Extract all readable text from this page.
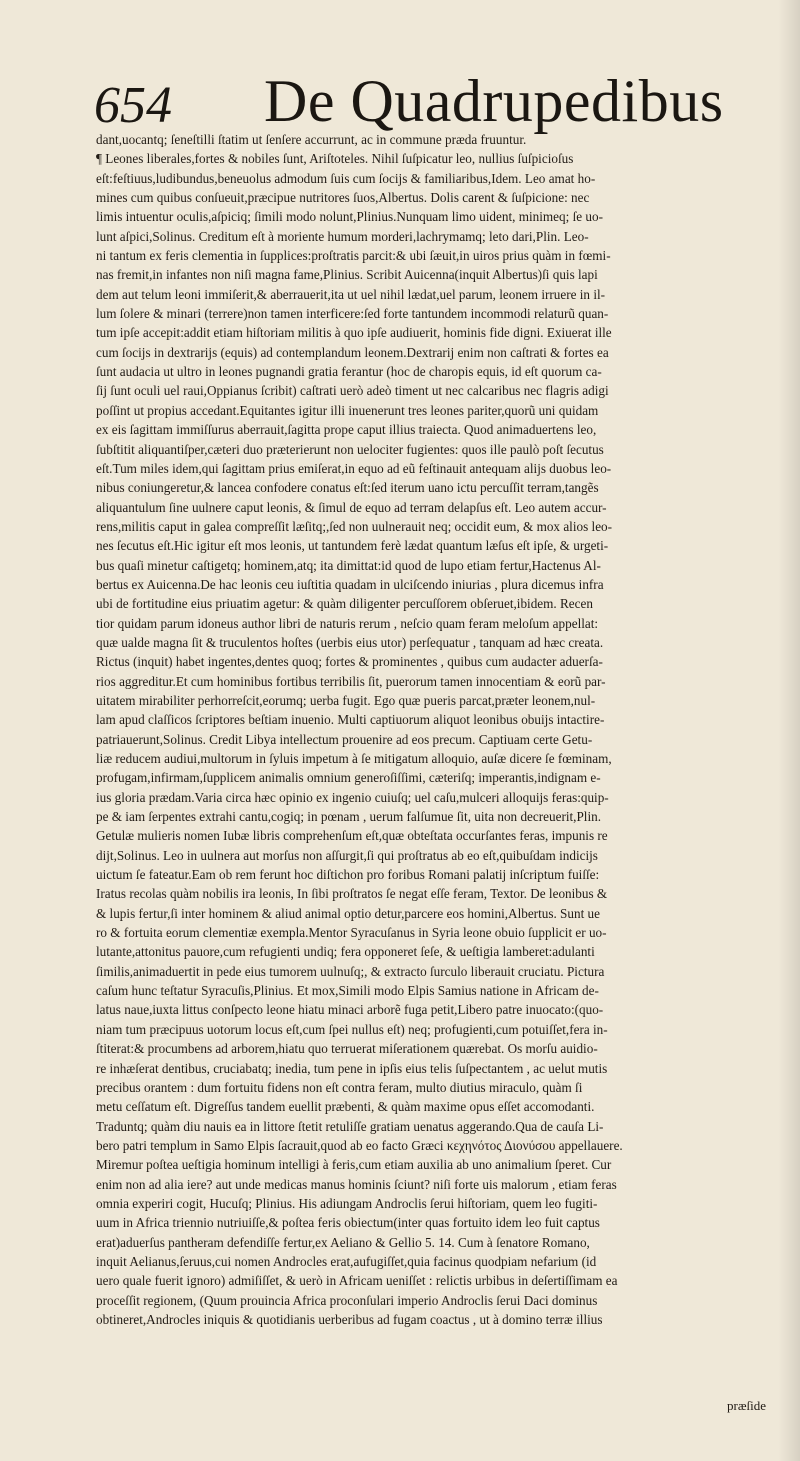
654 De Quadrupedibus
dant,uocantq; ſeneſtilli ſtatim ut ſenſere accurrunt, ac in commune præda fruuntur.
¶ Leones liberales,fortes & nobiles ſunt, Ariſtoteles. Nihil ſuſpicatur leo, nullius ſuſpicioſus
eſt:feſtiuus,ludibundus,beneuolus admodum ſuis cum ſocijs & familiaribus,Idem. Leo amat ho-
mines cum quibus conſueuit,præcipue nutritores ſuos,Albertus. Dolis carent & ſuſpicione: nec
limis intuentur oculis,aſpiciq; ſimili modo nolunt,Plinius.Nunquam limo uident, minimeq; ſe uo-
lunt aſpici,Solinus. Creditum eſt à moriente humum morderi,lachrymamq; leto dari,Plin. Leo-
ni tantum ex feris clementia in ſupplices:proſtratis parcit:& ubi ſæuit,in uiros prius quàm in fœmi-
nas fremit,in infantes non niſi magna fame,Plinius. Scribit Auicenna(inquit Albertus)ſi quis lapi
dem aut telum leoni immiſerit,& aberrauerit,ita ut uel nihil lædat,uel parum, leonem irruere in il-
lum ſolere & minari (terrere)non tamen interficere:ſed forte tantundem incommodi relaturũ quan-
tum ipſe accepit:addit etiam hiſtoriam militis à quo ipſe audiuerit, hominis fide digni. Exiuerat ille
cum ſocijs in dextrarijs (equis) ad contemplandum leonem.Dextrarij enim non caſtrati & fortes ea
ſunt audacia ut ultro in leones pugnandi gratia ferantur (hoc de charopis equis, id eſt quorum ca-
ſij ſunt oculi uel raui,Oppianus ſcribit) caſtrati uerò adeò timent ut nec calcaribus nec flagris adigi
poſſint ut propius accedant.Equitantes igitur illi inuenerunt tres leones pariter,quorũ uni quidam
ex eis ſagittam immiſſurus aberrauit,ſagitta prope caput illius traiecta. Quod animaduertens leo,
ſubſtitit aliquantiſper,cæteri duo præterierunt non uelociter fugientes: quos ille paulò poſt ſecutus
eſt.Tum miles idem,qui ſagittam prius emiſerat,in equo ad eũ feſtinauit antequam alijs duobus leo-
nibus coniungeretur,& lancea confodere conatus eſt:ſed iterum uano ictu percuſſit terram,tangẽs
aliquantulum ſine uulnere caput leonis, & ſimul de equo ad terram delapſus eſt. Leo autem accur-
rens,militis caput in galea compreſſit læſitq;,ſed non uulnerauit neq; occidit eum, & mox alios leo-
nes ſecutus eſt.Hic igitur eſt mos leonis, ut tantundem ferè lædat quantum læſus eſt ipſe, & urgeti-
bus quaſi minetur caſtigetq; hominem,atq; ita dimittat:id quod de lupo etiam fertur,Hactenus Al-
bertus ex Auicenna.De hac leonis ceu iuſtitia quadam in ulciſcendo iniurias , plura dicemus infra
ubi de fortitudine eius priuatim agetur: & quàm diligenter percuſſorem obſeruet,ibidem. Recen
tior quidam parum idoneus author libri de naturis rerum , neſcio quam feram meloſum appellat:
quæ ualde magna ſit & truculentos hoſtes (uerbis eius utor) perſequatur , tanquam ad hæc creata.
Rictus (inquit) habet ingentes,dentes quoq; fortes & prominentes , quibus cum audacter aduerſa-
rios aggreditur.Et cum hominibus fortibus terribilis ſit, puerorum tamen innocentiam & eorũ par-
uitatem mirabiliter perhorreſcit,eorumq; uerba fugit. Ego quæ pueris parcat,præter leonem,nul-
lam apud claſſicos ſcriptores beſtiam inuenio. Multi captiuorum aliquot leonibus obuijs intactire-
patriauerunt,Solinus. Credit Libya intellectum prouenire ad eos precum. Captiuam certe Getu-
liæ reducem audiui,multorum in ſyluis impetum à ſe mitigatum alloquio, auſæ dicere ſe fœminam,
profugam,infirmam,ſupplicem animalis omnium generoſiſſimi, cæteriſq; imperantis,indignam e-
ius gloria prædam.Varia circa hæc opinio ex ingenio cuiuſq; uel caſu,mulceri alloquijs feras:quip-
pe & iam ſerpentes extrahi cantu,cogiq; in pœnam , uerum falſumue ſit, uita non decreuerit,Plin.
Getulæ mulieris nomen Iubæ libris comprehenſum eſt,quæ obteſtata occurſantes feras, impunis re
dijt,Solinus. Leo in uulnera aut morſus non aſſurgit,ſi qui proſtratus ab eo eſt,quibuſdam indicijs
uictum ſe fateatur.Eam ob rem ferunt hoc diſtichon pro foribus Romani palatij inſcriptum fuiſſe:
Iratus recolas quàm nobilis ira leonis, In ſibi proſtratos ſe negat eſſe feram, Textor. De leonibus &
& lupis fertur,ſi inter hominem & aliud animal optio detur,parcere eos homini,Albertus. Sunt ue
ro & fortuita eorum clementiæ exempla.Mentor Syracuſanus in Syria leone obuio ſupplicit er uo-
lutante,attonitus pauore,cum refugienti undiq; fera opponeret ſeſe, & ueſtigia lamberet:adulanti
ſimilis,animaduertit in pede eius tumorem uulnuſq;, & extracto ſurculo liberauit cruciatu. Pictura
caſum hunc teſtatur Syracuſis,Plinius. Et mox,Simili modo Elpis Samius natione in Africam de-
latus naue,iuxta littus conſpecto leone hiatu minaci arborẽ fuga petit,Libero patre inuocato:(quo-
niam tum præcipuus uotorum locus eſt,cum ſpei nullus eſt) neq; profugienti,cum potuiſſet,fera in-
ſtiterat:& procumbens ad arborem,hiatu quo terruerat miſerationem quærebat. Os morſu auidio-
re inhæſerat dentibus, cruciabatq; inedia, tum pene in ipſis eius telis ſuſpectantem , ac uelut mutis
precibus orantem : dum fortuitu fidens non eſt contra feram, multo diutius miraculo, quàm ſi
metu ceſſatum eſt. Digreſſus tandem euellit præbenti, & quàm maxime opus eſſet accomodanti.
Traduntq; quàm diu nauis ea in littore ſtetit retuliſſe gratiam uenatus aggerando.Qua de cauſa Li-
bero patri templum in Samo Elpis ſacrauit,quod ab eo facto Græci κεχηνότος Διονύσου appellauere.
Miremur poſtea ueſtigia hominum intelligi à feris,cum etiam auxilia ab uno animalium ſperet. Cur
enim non ad alia iere? aut unde medicas manus hominis ſciunt? niſi forte uis malorum , etiam feras
omnia experiri cogit, Hucuſq; Plinius. His adiungam Androclis ſerui hiſtoriam, quem leo fugiti-
uum in Africa triennio nutriuiſſe,& poſtea feris obiectum(inter quas fortuito idem leo fuit captus
erat)aduerſus pantheram defendiſſe fertur,ex Aeliano & Gellio 5. 14. Cum à ſenatore Romano,
inquit Aelianus,ſeruus,cui nomen Androcles erat,aufugiſſet,quia facinus quodpiam nefarium (id
uero quale fuerit ignoro) admiſiſſet, & uerò in Africam ueniſſet : relictis urbibus in deſertiſſimam ea
proceſſit regionem, (Quum prouincia Africa proconſulari imperio Androclis ſerui Daci dominus
obtineret,Androcles iniquis & quotidianis uerberibus ad fugam coactus , ut à domino terræ illius
præſide
